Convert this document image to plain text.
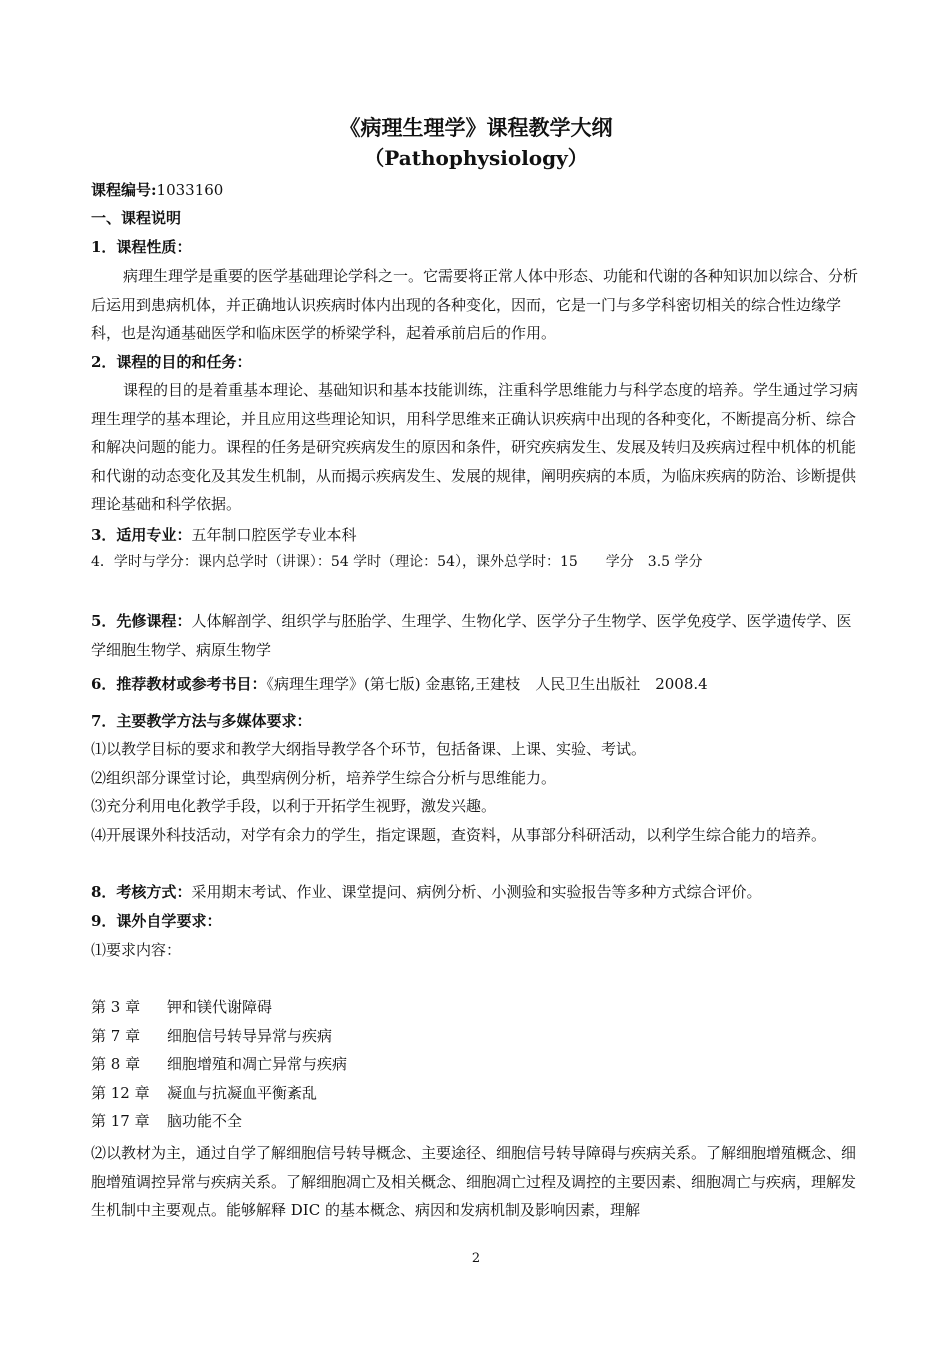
《病理生理学》课程教学大纲
（Pathophysiology）
课程编号:1033160
一、课程说明
1．课程性质：
病理生理学是重要的医学基础理论学科之一。它需要将正常人体中形态、功能和代谢的各种知识加以综合、分析后运用到患病机体，并正确地认识疾病时体内出现的各种变化，因而，它是一门与多学科密切相关的综合性边缘学科，也是沟通基础医学和临床医学的桥梁学科，起着承前启后的作用。
2．课程的目的和任务：
课程的目的是着重基本理论、基础知识和基本技能训练，注重科学思维能力与科学态度的培养。学生通过学习病理生理学的基本理论，并且应用这些理论知识，用科学思维来正确认识疾病中出现的各种变化，不断提高分析、综合和解决问题的能力。课程的任务是研究疾病发生的原因和条件，研究疾病发生、发展及转归及疾病过程中机体的机能和代谢的动态变化及其发生机制，从而揭示疾病发生、发展的规律，阐明疾病的本质，为临床疾病的防治、诊断提供理论基础和科学依据。
3．适用专业：五年制口腔医学专业本科
4．学时与学分：课内总学时（讲课）：54 学时（理论：54），课外总学时：15　　学分　3.5 学分
5．先修课程：人体解剖学、组织学与胚胎学、生理学、生物化学、医学分子生物学、医学免疫学、医学遗传学、医学细胞生物学、病原生物学
6．推荐教材或参考书目：《病理生理学》(第七版) 金惠铭,王建枝　人民卫生出版社　2008.4
7．主要教学方法与多媒体要求：
⑴以教学目标的要求和教学大纲指导教学各个环节，包括备课、上课、实验、考试。
⑵组织部分课堂讨论，典型病例分析，培养学生综合分析与思维能力。
⑶充分利用电化教学手段，以利于开拓学生视野，激发兴趣。
⑷开展课外科技活动，对学有余力的学生，指定课题，查资料，从事部分科研活动，以利学生综合能力的培养。
8．考核方式：采用期末考试、作业、课堂提问、病例分析、小测验和实验报告等多种方式综合评价。
9．课外自学要求：
⑴要求内容：
第 3 章 钾和镁代谢障碍
第 7 章 细胞信号转导异常与疾病
第 8 章 细胞增殖和凋亡异常与疾病
第 12 章 凝血与抗凝血平衡紊乱
第 17 章 脑功能不全
⑵以教材为主，通过自学了解细胞信号转导概念、主要途径、细胞信号转导障碍与疾病关系。了解细胞增殖概念、细胞增殖调控异常与疾病关系。了解细胞凋亡及相关概念、细胞凋亡过程及调控的主要因素、细胞凋亡与疾病，理解发生机制中主要观点。能够解释 DIC 的基本概念、病因和发病机制及影响因素，理解
2
